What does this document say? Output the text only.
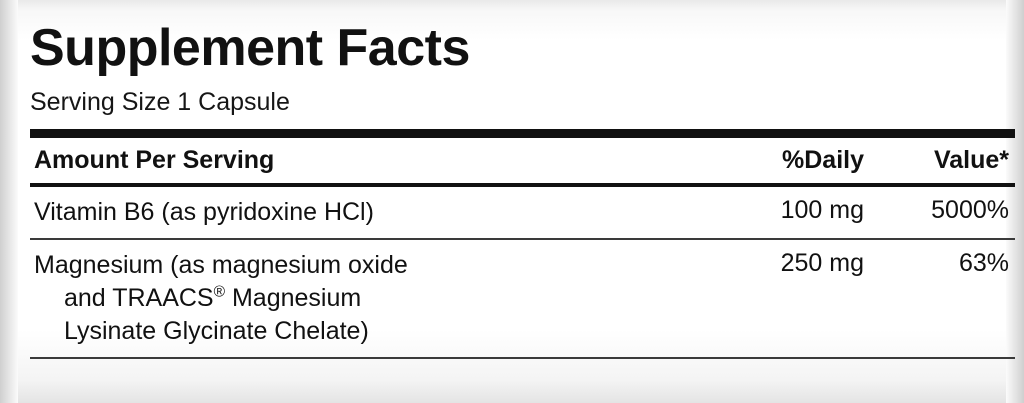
Supplement Facts
Serving Size 1 Capsule
Amount Per Serving	%Daily	Value*
Vitamin B6 (as pyridoxine HCl)	100 mg	5000%
Magnesium (as magnesium oxide
and TRAACS® Magnesium
Lysinate Glycinate Chelate)
250 mg	63%
